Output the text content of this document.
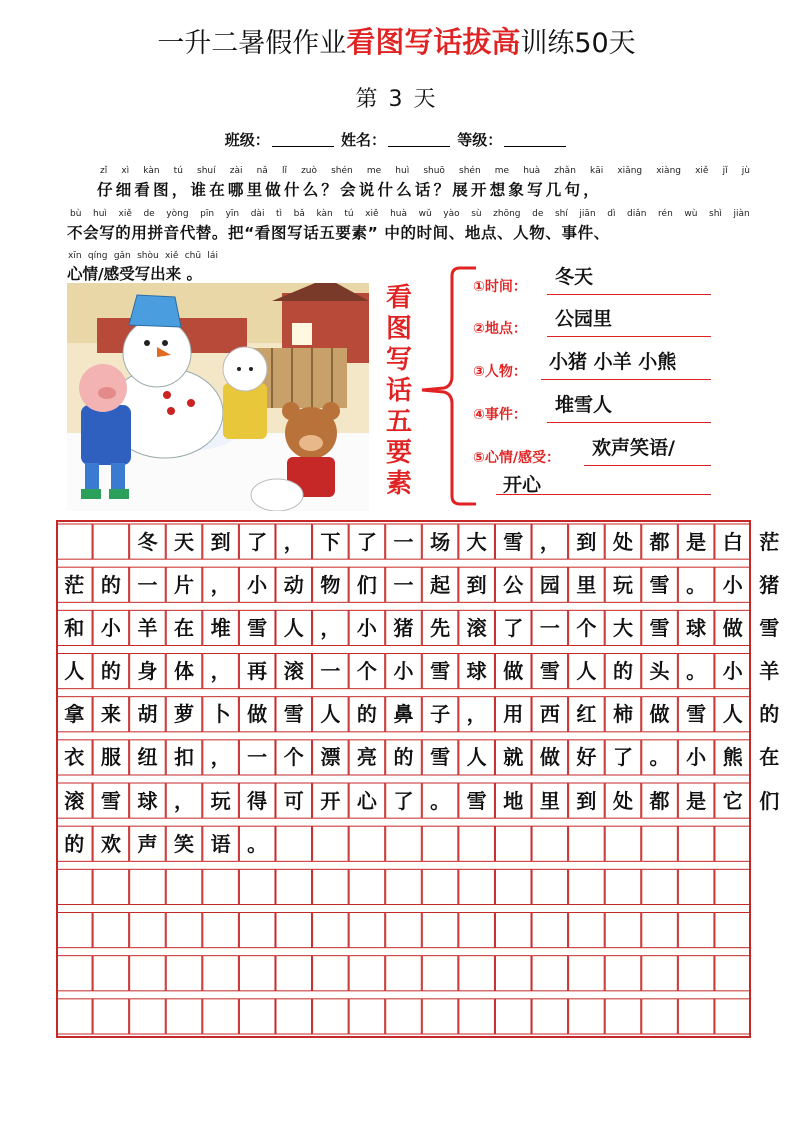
一升二暑假作业看图写话拔高训练50天
第 3 天
班级：	姓名：	等级：
zǐ xì kàn tú shuí zài nǎ lǐ zuò shén me huì shuō shén me huà zhǎn kāi xiǎng xiàng xiě jǐ jù
仔细看图，谁在哪里做什么？会说什么话？展开想象写几句，
bù huì xiě de yòng pīn yīn dài tì bǎ kàn tú xiě huà wǔ yào sù zhōng de shí jiān dì diǎn rén wù shì jiàn
不会写的用拼音代替。把“看图写话五要素” 中的时间、地点、人物、事件、
xīn qíng gǎn shòu xiě chū lái
心情/感受写出来 。
看
图
写
话
五
要
素
①时间： 冬天
②地点： 公园里
③人物： 小猪 小羊 小熊
④事件： 堆雪人
⑤心情/感受： 欢声笑语/
开心
冬 天 到 了 ， 下 了 一 场 大 雪 ， 到 处 都 是 白 茫
茫 的 一 片 ， 小 动 物 们 一 起 到 公 园 里 玩 雪 。 小 猪
和 小 羊 在 堆 雪 人 ， 小 猪 先 滚 了 一 个 大 雪 球 做 雪
人 的 身 体 ， 再 滚 一 个 小 雪 球 做 雪 人 的 头 。 小 羊
拿 来 胡 萝 卜 做 雪 人 的 鼻 子 ， 用 西 红 柿 做 雪 人 的
衣 服 纽 扣 ， 一 个 漂 亮 的 雪 人 就 做 好 了 。 小 熊 在
滚 雪 球 ， 玩 得 可 开 心 了 。 雪 地 里 到 处 都 是 它 们
的 欢 声 笑 语 。
